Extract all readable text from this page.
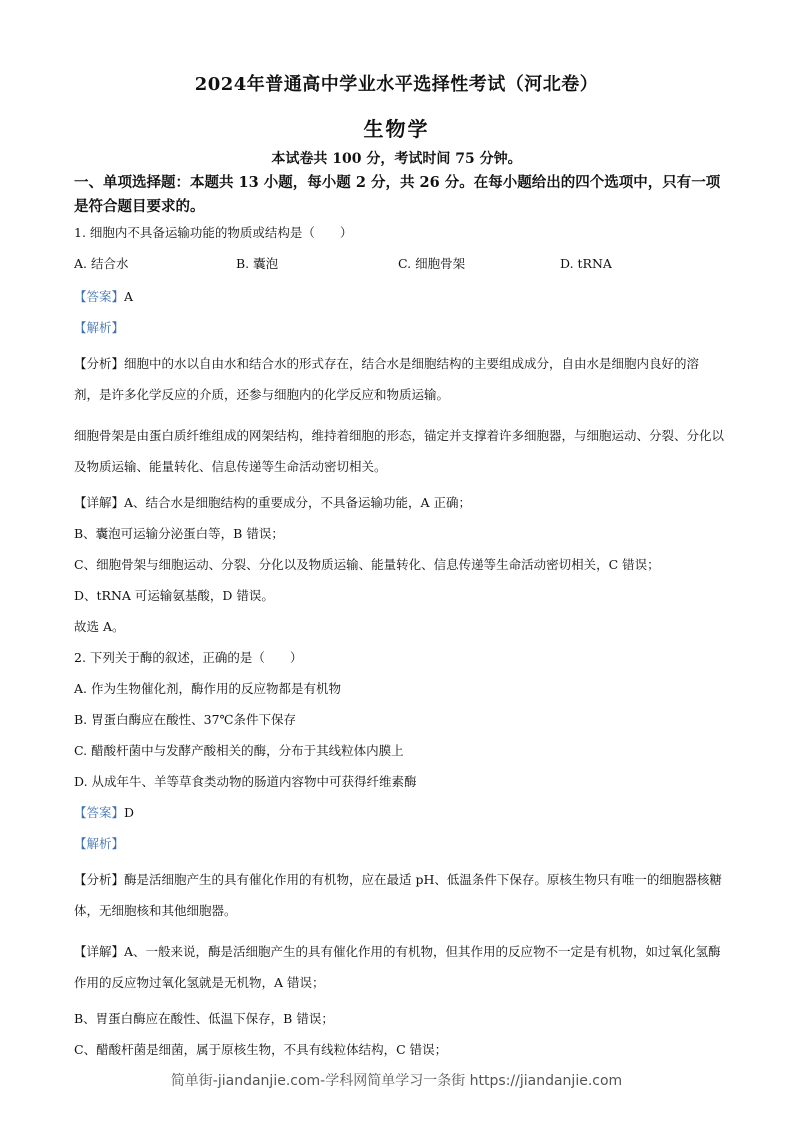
2024年普通高中学业水平选择性考试（河北卷）
生物学
本试卷共 100 分，考试时间 75 分钟。
一、单项选择题：本题共 13 小题，每小题 2 分，共 26 分。在每小题给出的四个选项中，只有一项是符合题目要求的。

1. 细胞内不具备运输功能的物质或结构是（　　）

A. 结合水	B. 囊泡	C. 细胞骨架	D. tRNA

【答案】A

【解析】

【分析】细胞中的水以自由水和结合水的形式存在，结合水是细胞结构的主要组成成分，自由水是细胞内良好的溶剂，是许多化学反应的介质，还参与细胞内的化学反应和物质运输。

细胞骨架是由蛋白质纤维组成的网架结构，维持着细胞的形态，锚定并支撑着许多细胞器，与细胞运动、分裂、分化以及物质运输、能量转化、信息传递等生命活动密切相关。

【详解】A、结合水是细胞结构的重要成分，不具备运输功能，A 正确；

B、囊泡可运输分泌蛋白等，B 错误；

C、细胞骨架与细胞运动、分裂、分化以及物质运输、能量转化、信息传递等生命活动密切相关，C 错误；

D、tRNA 可运输氨基酸，D 错误。

故选 A。

2. 下列关于酶的叙述，正确的是（　　）

A. 作为生物催化剂，酶作用的反应物都是有机物

B. 胃蛋白酶应在酸性、37℃条件下保存

C. 醋酸杆菌中与发酵产酸相关的酶，分布于其线粒体内膜上

D. 从成年牛、羊等草食类动物的肠道内容物中可获得纤维素酶

【答案】D

【解析】

【分析】酶是活细胞产生的具有催化作用的有机物，应在最适 pH、低温条件下保存。原核生物只有唯一的细胞器核糖体，无细胞核和其他细胞器。

【详解】A、一般来说，酶是活细胞产生的具有催化作用的有机物，但其作用的反应物不一定是有机物，如过氧化氢酶作用的反应物过氧化氢就是无机物，A 错误；

B、胃蛋白酶应在酸性、低温下保存，B 错误；

C、醋酸杆菌是细菌，属于原核生物，不具有线粒体结构，C 错误；

简单街-jiandanjie.com-学科网简单学习一条街 https://jiandanjie.com
